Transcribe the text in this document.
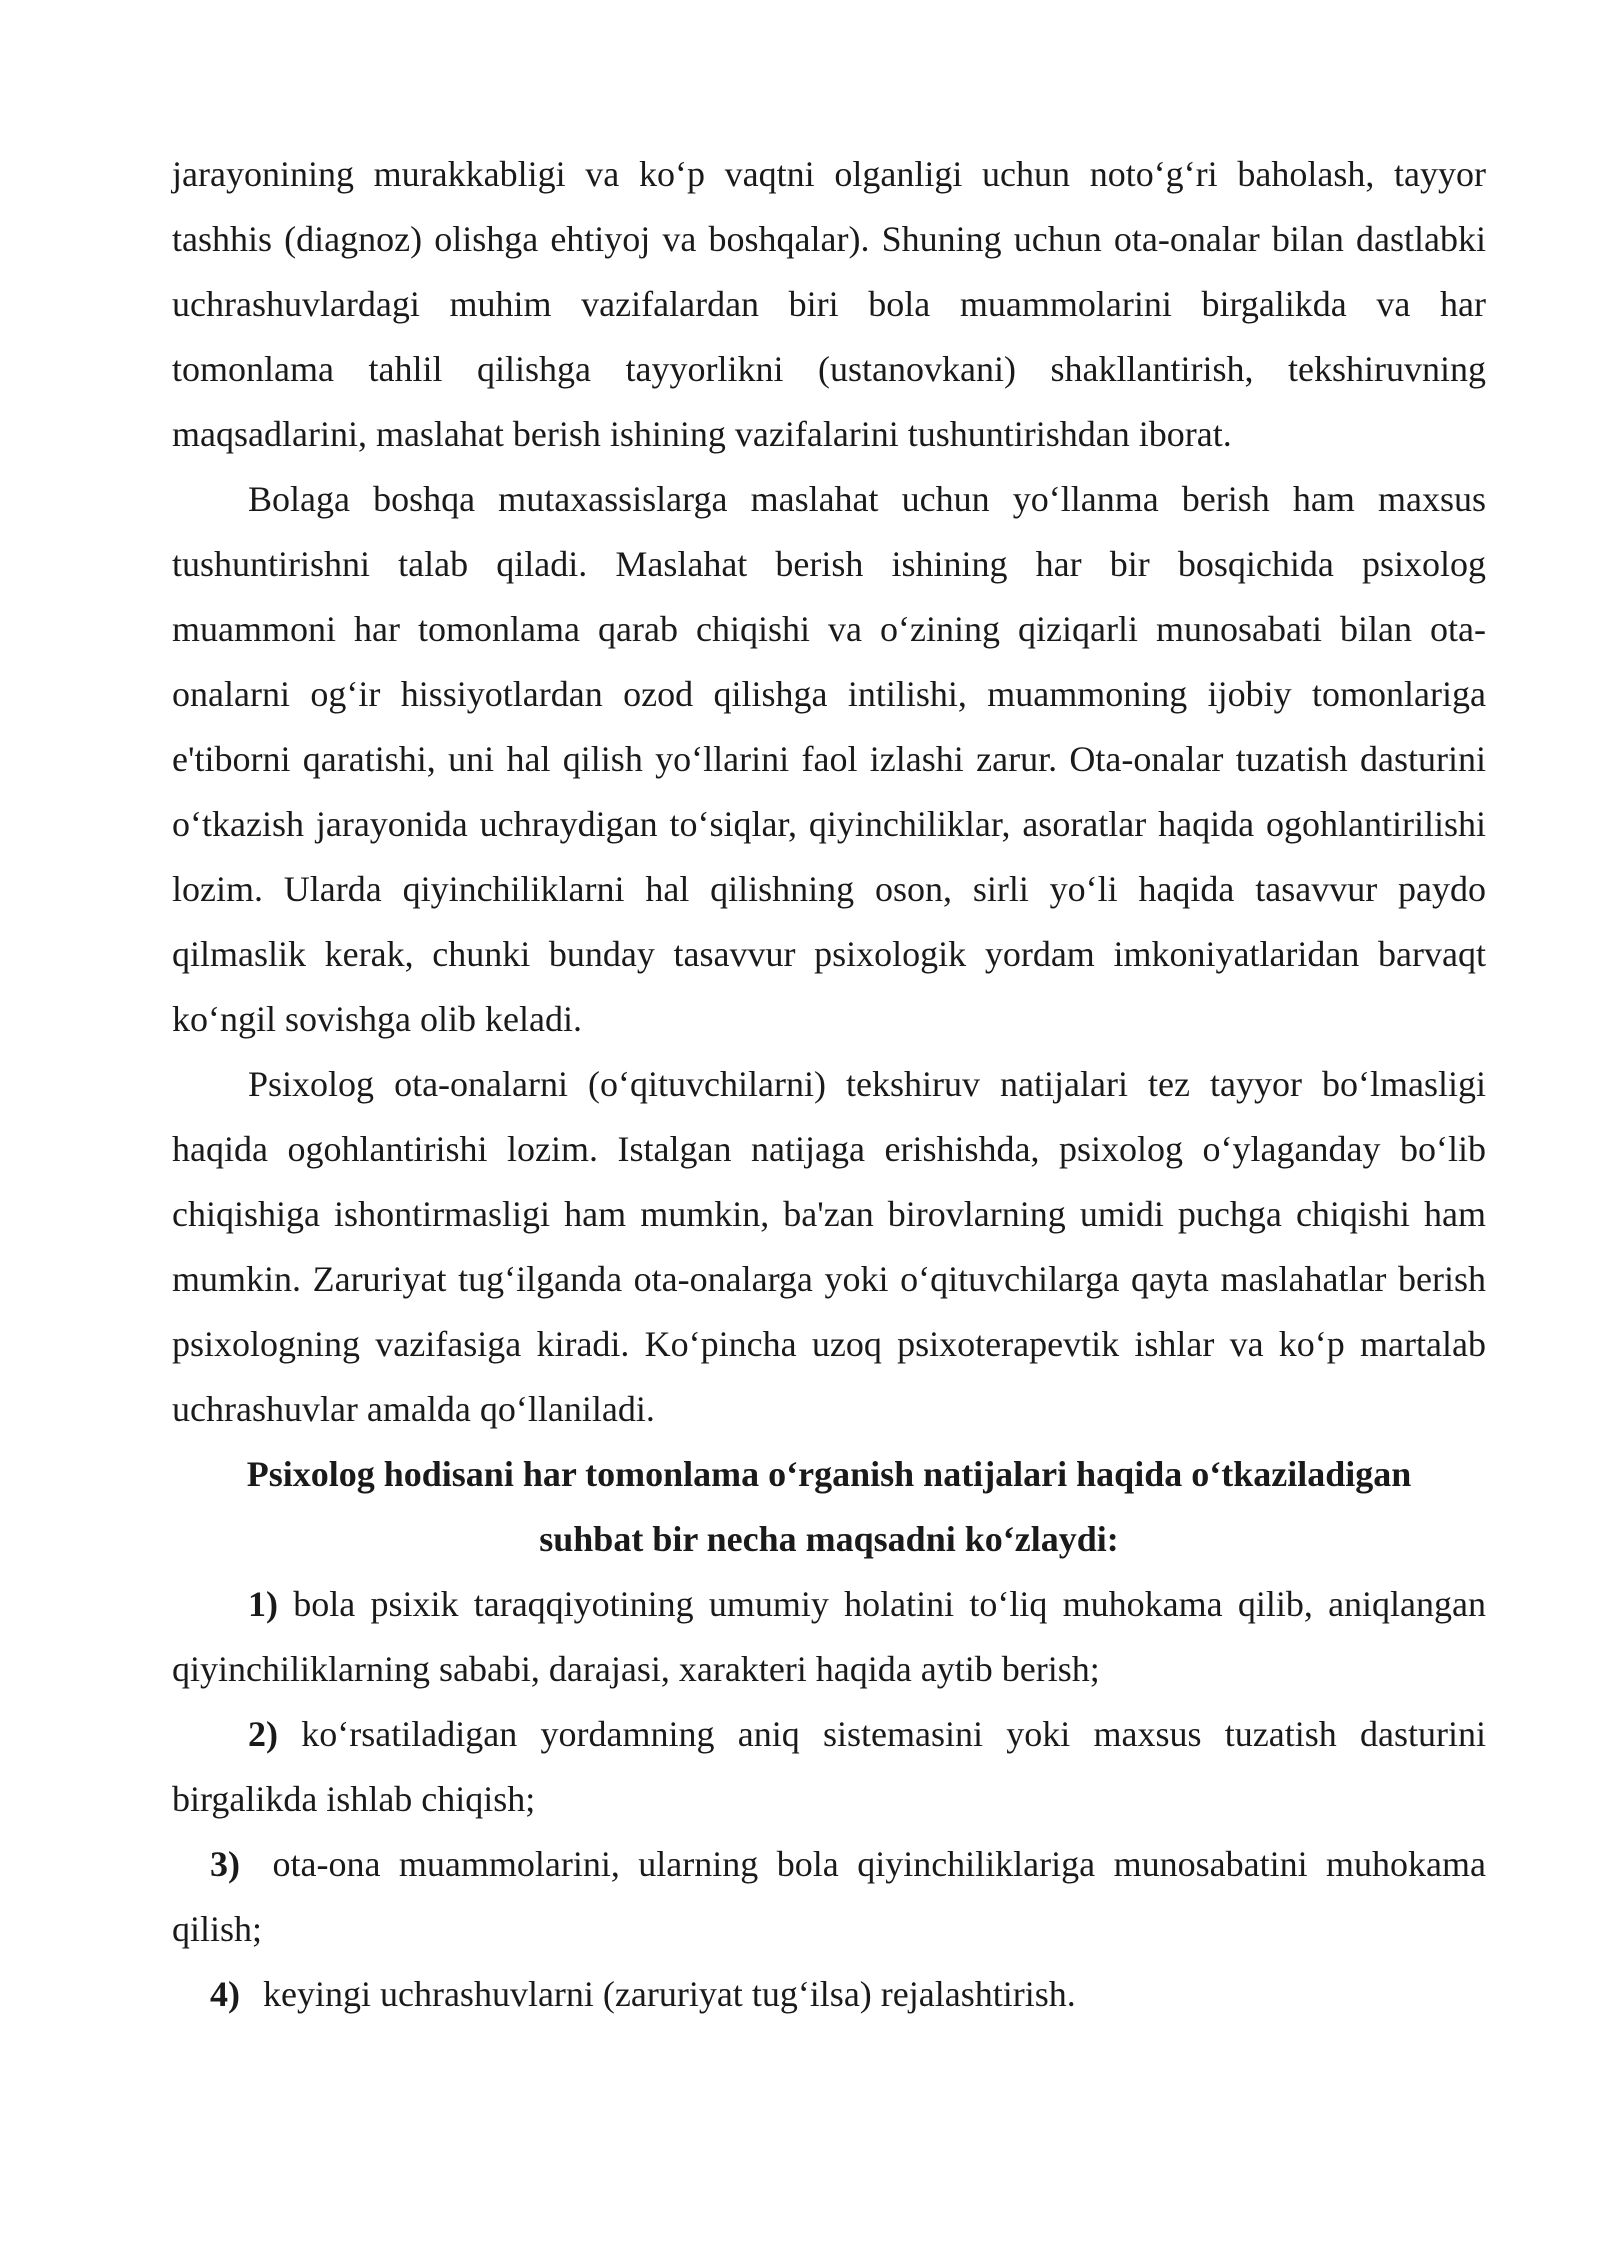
jarayonining murakkabligi va ko‘p vaqtni olganligi uchun noto‘g‘ri baholash, tayyor tashhis (diagnoz) olishga ehtiyoj va boshqalar). Shuning uchun ota-onalar bilan dastlabki uchrashuvlardagi muhim vazifalardan biri bola muammolarini birgalikda va har tomonlama tahlil qilishga tayyorlikni (ustanovkani) shakllantirish, tekshiruvning maqsadlarini, maslahat berish ishining vazifalarini tushuntirishdan iborat.

Bolaga boshqa mutaxassislarga maslahat uchun yo‘llanma berish ham maxsus tushuntirishni talab qiladi. Maslahat berish ishining har bir bosqichida psixolog muammoni har tomonlama qarab chiqishi va o‘zining qiziqarli munosabati bilan ota-onalarni og‘ir hissiyotlardan ozod qilishga intilishi, muammoning ijobiy tomonlariga e'tiborni qaratishi, uni hal qilish yo‘llarini faol izlashi zarur. Ota-onalar tuzatish dasturini o‘tkazish jarayonida uchraydigan to‘siqlar, qiyinchiliklar, asoratlar haqida ogohlantirilishi lozim. Ularda qiyinchiliklarni hal qilishning oson, sirli yo‘li haqida tasavvur paydo qilmaslik kerak, chunki bunday tasavvur psixologik yordam imkoniyatlaridan barvaqt ko‘ngil sovishga olib keladi.

Psixolog ota-onalarni (o‘qituvchilarni) tekshiruv natijalari tez tayyor bo‘lmasligi haqida ogohlantirishi lozim. Istalgan natijaga erishishda, psixolog o‘ylaganday bo‘lib chiqishiga ishontirmasligi ham mumkin, ba'zan birovlarning umidi puchga chiqishi ham mumkin. Zaruriyat tug‘ilganda ota-onalarga yoki o‘qituvchilarga qayta maslahatlar berish psixologning vazifasiga kiradi. Ko‘pincha uzoq psixoterapevtik ishlar va ko‘p martalab uchrashuvlar amalda qo‘llaniladi.

Psixolog hodisani har tomonlama o‘rganish natijalari haqida o‘tkaziladigan
suhbat bir necha maqsadni ko‘zlaydi:

1) bola psixik taraqqiyotining umumiy holatini to‘liq muhokama qilib, aniqlangan qiyinchiliklarning sababi, darajasi, xarakteri haqida aytib berish;

2) ko‘rsatiladigan yordamning aniq sistemasini yoki maxsus tuzatish dasturini birgalikda ishlab chiqish;

3) ota-ona muammolarini, ularning bola qiyinchiliklariga munosabatini muhokama qilish;

4) keyingi uchrashuvlarni (zaruriyat tug‘ilsa) rejalashtirish.
